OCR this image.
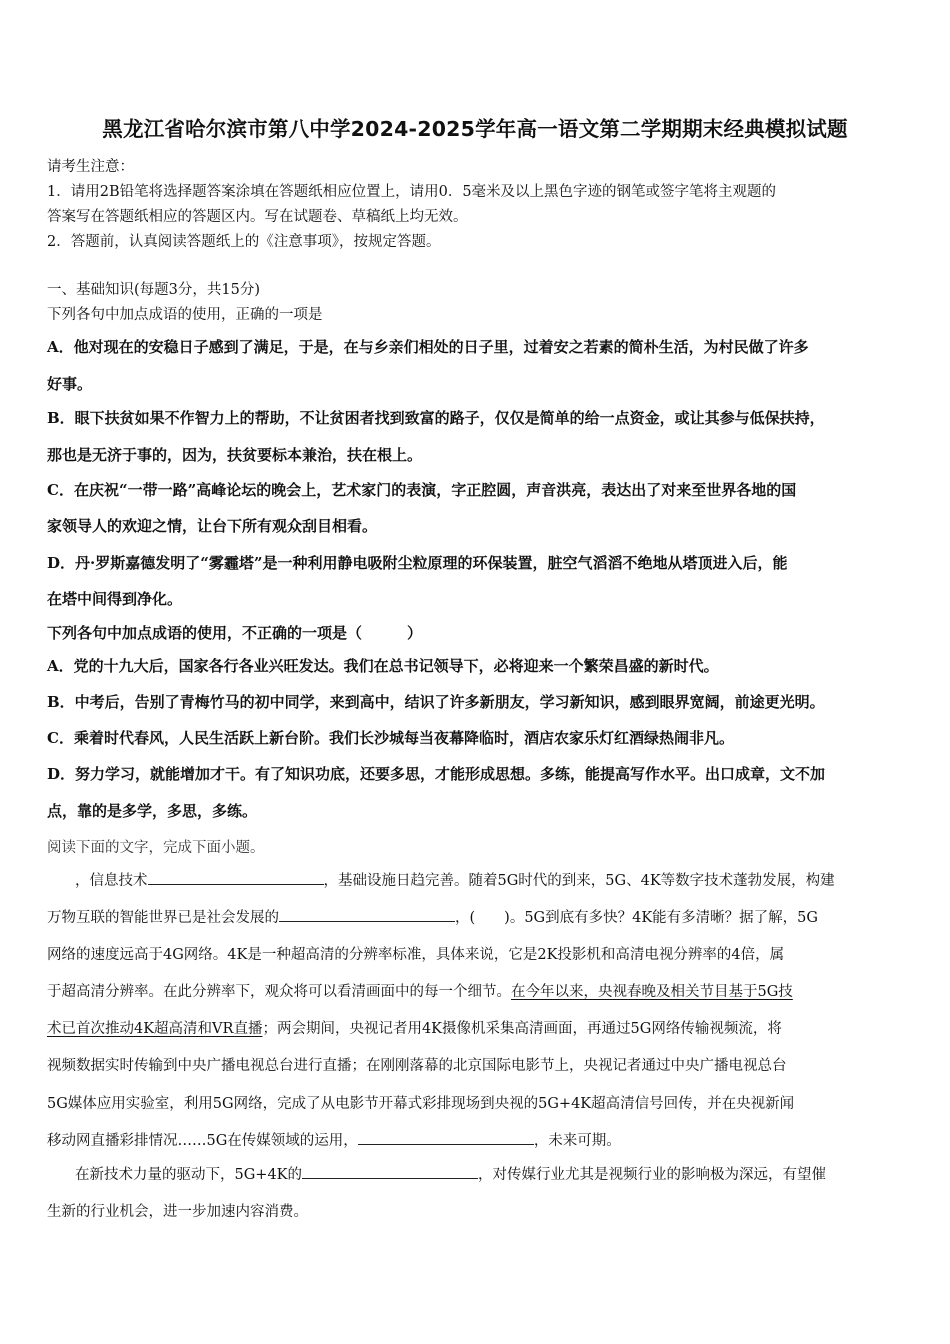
黑龙江省哈尔滨市第八中学2024-2025学年高一语文第二学期期末经典模拟试题
请考生注意：
1．请用2B铅笔将选择题答案涂填在答题纸相应位置上，请用0．5毫米及以上黑色字迹的钢笔或签字笔将主观题的
答案写在答题纸相应的答题区内。写在试题卷、草稿纸上均无效。
2．答题前，认真阅读答题纸上的《注意事项》，按规定答题。
一、基础知识(每题3分，共15分)
下列各句中加点成语的使用，正确的一项是
A．他对现在的安稳日子感到了满足，于是，在与乡亲们相处的日子里，过着安之若素的简朴生活，为村民做了许多
好事。
B．眼下扶贫如果不作智力上的帮助，不让贫困者找到致富的路子，仅仅是简单的给一点资金，或让其参与低保扶持，
那也是无济于事的，因为，扶贫要标本兼治，扶在根上。
C．在庆祝“一带一路”高峰论坛的晚会上，艺术家门的表演，字正腔圆，声音洪亮，表达出了对来至世界各地的国
家领导人的欢迎之情，让台下所有观众刮目相看。
D．丹·罗斯嘉德发明了“雾霾塔”是一种利用静电吸附尘粒原理的环保装置，脏空气滔滔不绝地从塔顶进入后，能
在塔中间得到净化。
下列各句中加点成语的使用，不正确的一项是（　　　）
A．党的十九大后，国家各行各业兴旺发达。我们在总书记领导下，必将迎来一个繁荣昌盛的新时代。
B．中考后，告别了青梅竹马的初中同学，来到高中，结识了许多新朋友，学习新知识，感到眼界宽阔，前途更光明。
C．乘着时代春风，人民生活跃上新台阶。我们长沙城每当夜幕降临时，酒店农家乐灯红酒绿热闹非凡。
D．努力学习，就能增加才干。有了知识功底，还要多思，才能形成思想。多练，能提高写作水平。出口成章，文不加
点，靠的是多学，多思，多练。
阅读下面的文字，完成下面小题。
，信息技术	，基础设施日趋完善。随着5G时代的到来，5G、4K等数字技术蓬勃发展，构建
万物互联的智能世界已是社会发展的	，(　　)。5G到底有多快？4K能有多清晰？据了解，5G
网络的速度远高于4G网络。4K是一种超高清的分辨率标准，具体来说，它是2K投影机和高清电视分辨率的4倍，属
于超高清分辨率。在此分辨率下，观众将可以看清画面中的每一个细节。在今年以来，央视春晚及相关节目基于5G技
术已首次推动4K超高清和VR直播；两会期间，央视记者用4K摄像机采集高清画面，再通过5G网络传输视频流，将
视频数据实时传输到中央广播电视总台进行直播；在刚刚落幕的北京国际电影节上，央视记者通过中央广播电视总台
5G媒体应用实验室，利用5G网络，完成了从电影节开幕式彩排现场到央视的5G+4K超高清信号回传，并在央视新闻
移动网直播彩排情况……5G在传媒领域的运用，	，未来可期。
在新技术力量的驱动下，5G+4K的	，对传媒行业尤其是视频行业的影响极为深远，有望催
生新的行业机会，进一步加速内容消费。
